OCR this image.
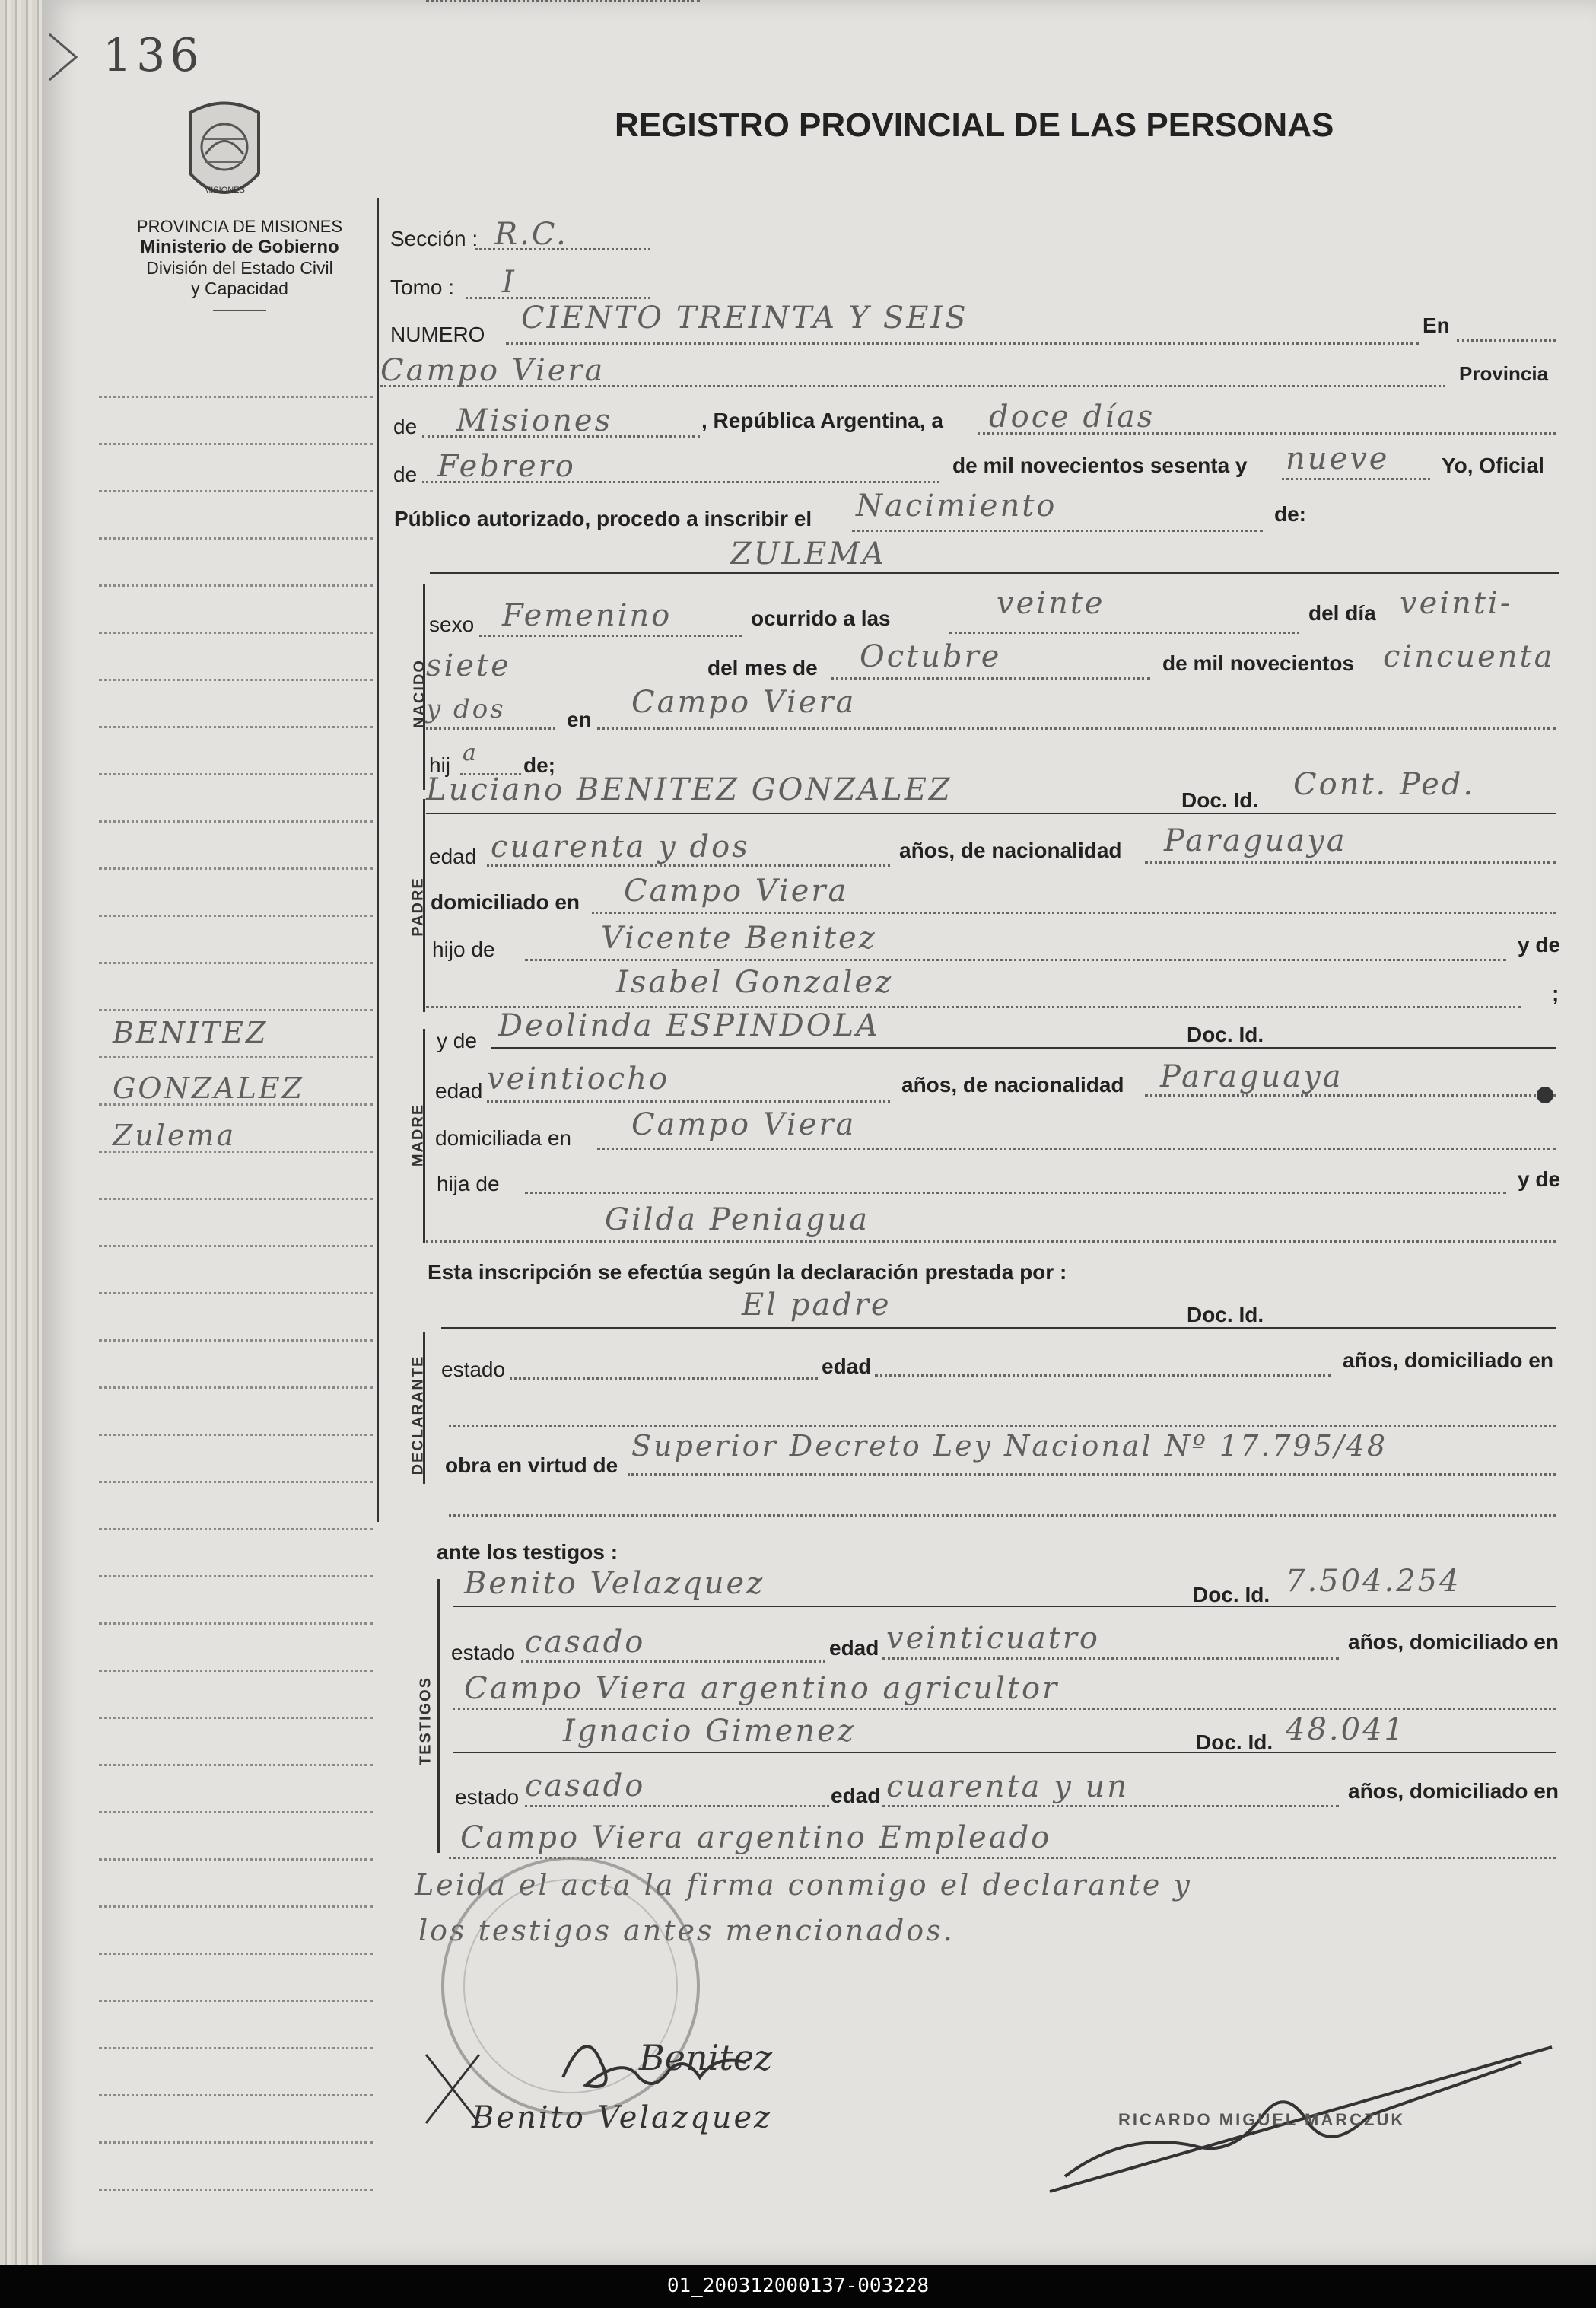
136
MISIONES
PROVINCIA DE MISIONES
Ministerio de Gobierno
División del Estado Civil
y Capacidad
REGISTRO PROVINCIAL DE LAS PERSONAS
BENITEZ
GONZALEZ
Zulema
Sección : R.C.
Tomo : I
NUMERO CIENTO TREINTA Y SEIS	En
Campo Viera	Provincia
de Misiones	, República Argentina, a doce días
de Febrero	de mil novecientos sesenta y nueve Yo, Oficial
Público autorizado, procedo a inscribir el Nacimiento	de:
ZULEMA
NACIDO
sexo Femenino	ocurrido a las	veinte	del día veinti-
siete	del mes de Octubre	de mil novecientos cincuenta
y dos	en Campo Viera
hij a de;
PADRE
Luciano BENITEZ GONZALEZ	Doc. Id. Cont. Ped.
edad cuarenta y dos	años, de nacionalidad Paraguaya
domiciliado en Campo Viera
hijo de	Vicente Benitez	y de
Isabel Gonzalez	;
MADRE
y de Deolinda ESPINDOLA	Doc. Id.
edad veintiocho	años, de nacionalidad Paraguaya
domiciliada en Campo Viera
hija de	y de
Gilda Peniagua
Esta inscripción se efectúa según la declaración prestada por :
El padre	Doc. Id.
DECLARANTE estado	edad	años, domiciliado en
obra en virtud de
Superior Decreto Ley Nacional Nº 17.795/48
ante los testigos :
TESTIGOS
Benito Velazquez	Doc. Id. 7.504.254
estado casado	edad veinticuatro	años, domiciliado en
Campo Viera argentino agricultor
Ignacio Gimenez	Doc. Id. 48.041
estado casado	edad cuarenta y un	años, domiciliado en
Campo Viera argentino Empleado
Leida el acta la firma conmigo el declarante y
los testigos antes mencionados.
Benitez
Benito Velazquez	RICARDO MIGUEL MARCZUK
01_200312000137-003228
